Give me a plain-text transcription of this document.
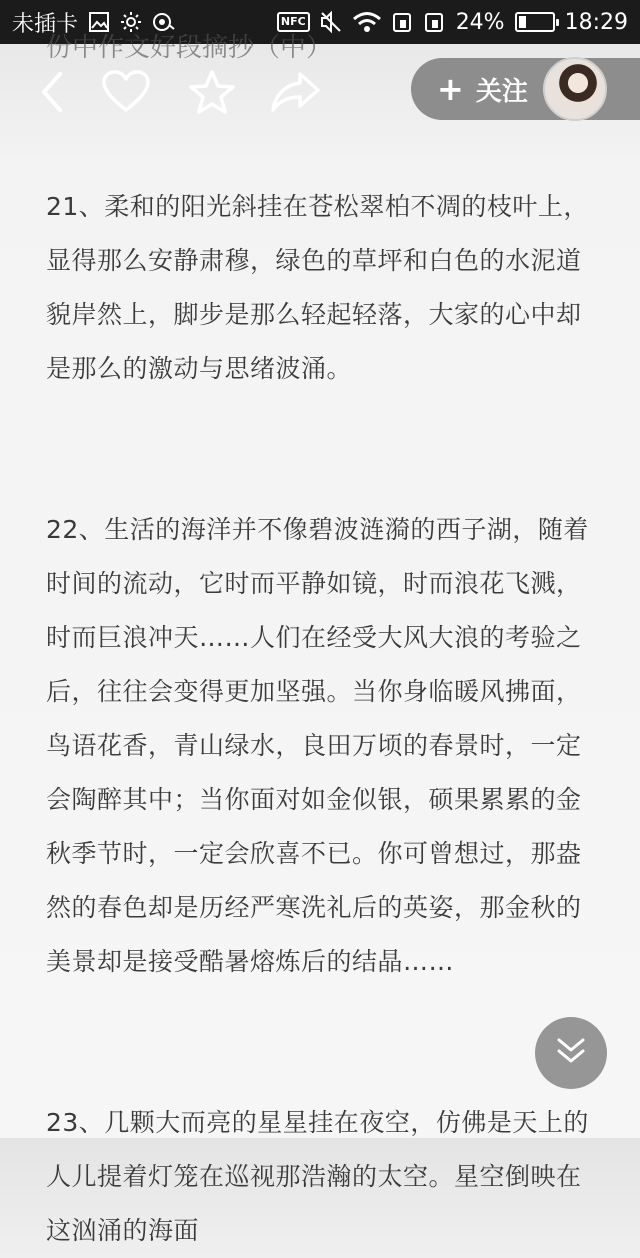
未插卡	NFC	24%	18:29
份中作文好段摘抄（中）
+ 关注

21、柔和的阳光斜挂在苍松翠柏不凋的枝叶上，显得那么安静肃穆，绿色的草坪和白色的水泥道貌岸然上，脚步是那么轻起轻落，大家的心中却是那么的激动与思绪波涌。

22、生活的海洋并不像碧波涟漪的西子湖，随着时间的流动，它时而平静如镜，时而浪花飞溅，时而巨浪冲天……人们在经受大风大浪的考验之后，往往会变得更加坚强。当你身临暖风拂面，鸟语花香，青山绿水，良田万顷的春景时，一定会陶醉其中；当你面对如金似银，硕果累累的金秋季节时，一定会欣喜不已。你可曾想过，那盎然的春色却是历经严寒洗礼后的英姿，那金秋的美景却是接受酷暑熔炼后的结晶……

23、几颗大而亮的星星挂在夜空，仿佛是天上的人儿提着灯笼在巡视那浩瀚的太空。星空倒映在这汹涌的海面
